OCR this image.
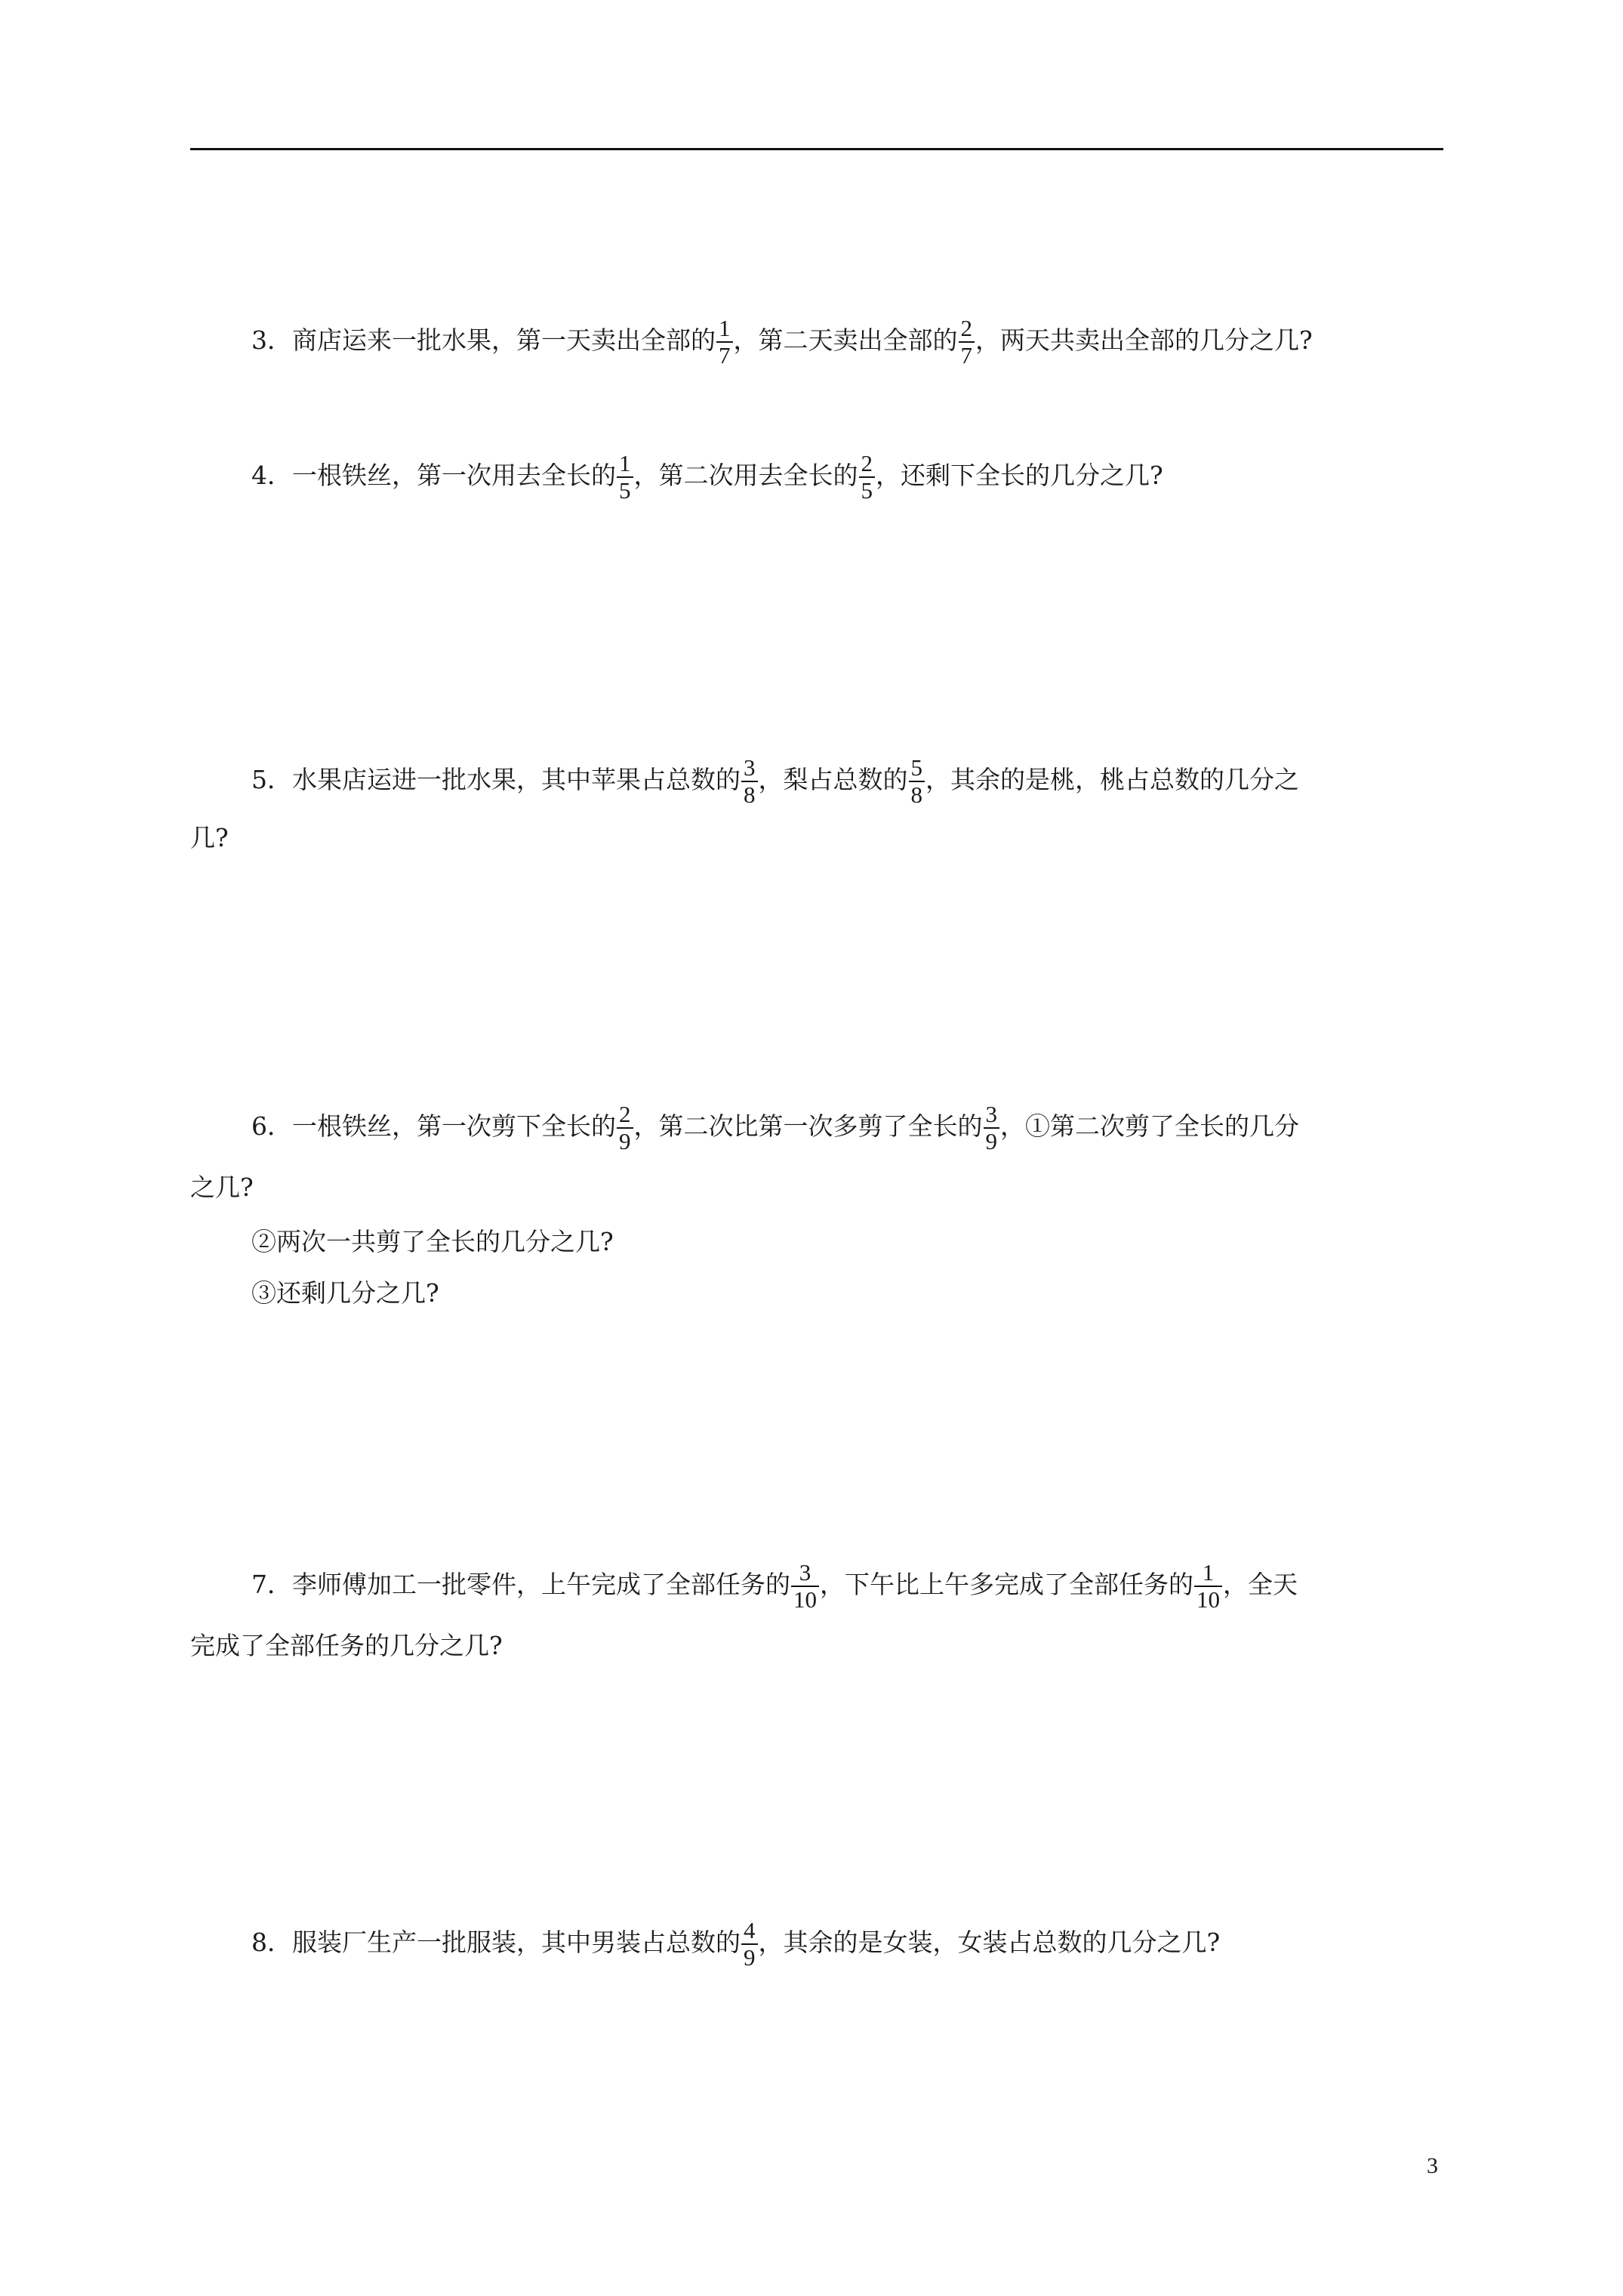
3．商店运来一批水果，第一天卖出全部的 $\frac{1}{7}$ ，第二天卖出全部的 $\frac{2}{7}$ ，两天共卖出全部的几分之几?
4．一根铁丝，第一次用去全长的 $\frac{1}{5}$ ，第二次用去全长的 $\frac{2}{5}$ ，还剩下全长的几分之几?
5．水果店运进一批水果，其中苹果占总数的 $\frac{3}{8}$ ，梨占总数的 $\frac{5}{8}$ ，其余的是桃，桃占总数的几分之
几?
6．一根铁丝，第一次剪下全长的 $\frac{2}{9}$ ，第二次比第一次多剪了全长的 $\frac{3}{9}$ ，①第二次剪了全长的几分
之几?
②两次一共剪了全长的几分之几?
③还剩几分之几?
7．李师傅加工一批零件，上午完成了全部任务的 $\frac{3}{10}$ ，下午比上午多完成了全部任务的 $\frac{1}{10}$ ，全天
完成了全部任务的几分之几?
8．服装厂生产一批服装，其中男装占总数的 $\frac{4}{9}$ ，其余的是女装，女装占总数的几分之几?
3
